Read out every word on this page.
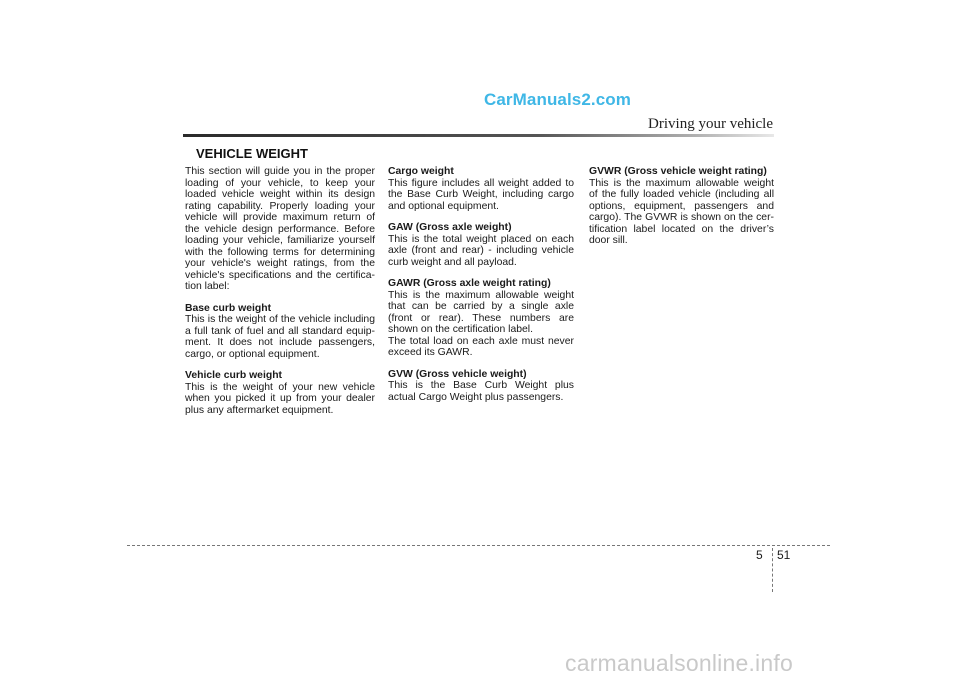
CarManuals2.com
Driving your vehicle
VEHICLE WEIGHT

This section will guide you in the proper loading of your vehicle, to keep your loaded vehicle weight within its design rating capability. Properly loading your vehicle will provide maximum return of the vehicle design performance. Before loading your vehicle, familiarize yourself with the following terms for determining your vehicle's weight ratings, from the vehicle's specifications and the certifica- tion label:

Base curb weight

This is the weight of the vehicle including a full tank of fuel and all standard equip- ment. It does not include passengers, cargo, or optional equipment.

Vehicle curb weight

This is the weight of your new vehicle when you picked it up from your dealer plus any aftermarket equipment.

Cargo weight

This figure includes all weight added to the Base Curb Weight, including cargo and optional equipment.

GAW (Gross axle weight)

This is the total weight placed on each axle (front and rear) - including vehicle curb weight and all payload.

GAWR (Gross axle weight rating)

This is the maximum allowable weight that can be carried by a single axle (front or rear). These numbers are shown on the certification label.

The total load on each axle must never exceed its GAWR.

GVW (Gross vehicle weight)

This is the Base Curb Weight plus actual Cargo Weight plus passengers.

GVWR (Gross vehicle weight rating)

This is the maximum allowable weight of the fully loaded vehicle (including all options, equipment, passengers and cargo). The GVWR is shown on the cer- tification label located on the driver’s door sill.

5 51
carmanualsonline.info
